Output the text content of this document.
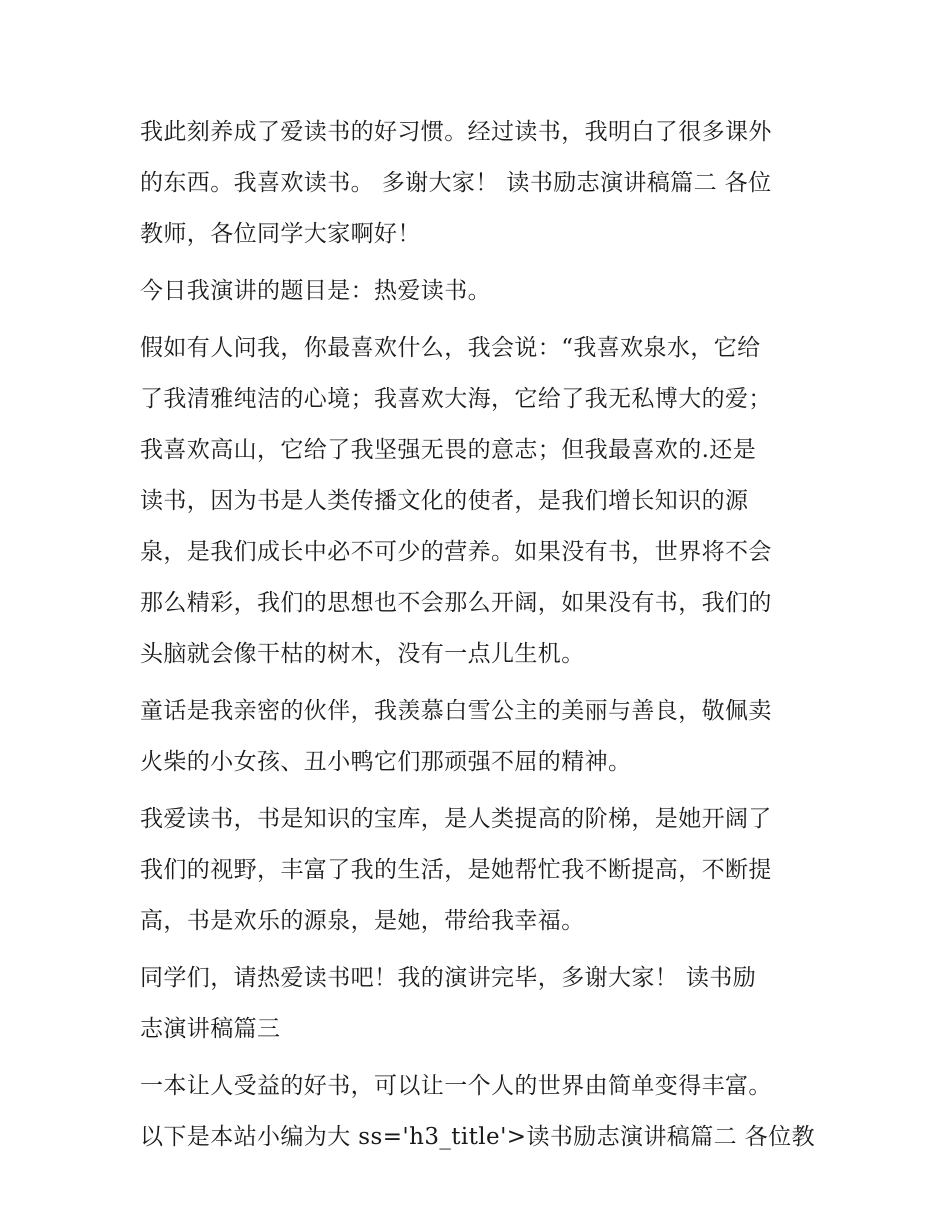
我此刻养成了爱读书的好习惯。经过读书，我明白了很多课外
的东西。我喜欢读书。 多谢大家！ 读书励志演讲稿篇二 各位
教师，各位同学大家啊好！

今日我演讲的题目是：热爱读书。

假如有人问我，你最喜欢什么，我会说：“我喜欢泉水，它给
了我清雅纯洁的心境；我喜欢大海，它给了我无私博大的爱；
我喜欢高山，它给了我坚强无畏的意志；但我最喜欢的.还是
读书，因为书是人类传播文化的使者，是我们增长知识的源
泉，是我们成长中必不可少的营养。如果没有书，世界将不会
那么精彩，我们的思想也不会那么开阔，如果没有书，我们的
头脑就会像干枯的树木，没有一点儿生机。

童话是我亲密的伙伴，我羡慕白雪公主的美丽与善良，敬佩卖
火柴的小女孩、丑小鸭它们那顽强不屈的精神。

我爱读书，书是知识的宝库，是人类提高的阶梯，是她开阔了
我们的视野，丰富了我的生活，是她帮忙我不断提高，不断提
高，书是欢乐的源泉，是她，带给我幸福。

同学们，请热爱读书吧！我的演讲完毕，多谢大家！ 读书励
志演讲稿篇三

一本让人受益的好书，可以让一个人的世界由简单变得丰富。
以下是本站小编为大 ss='h3_title'>读书励志演讲稿篇二 各位教
